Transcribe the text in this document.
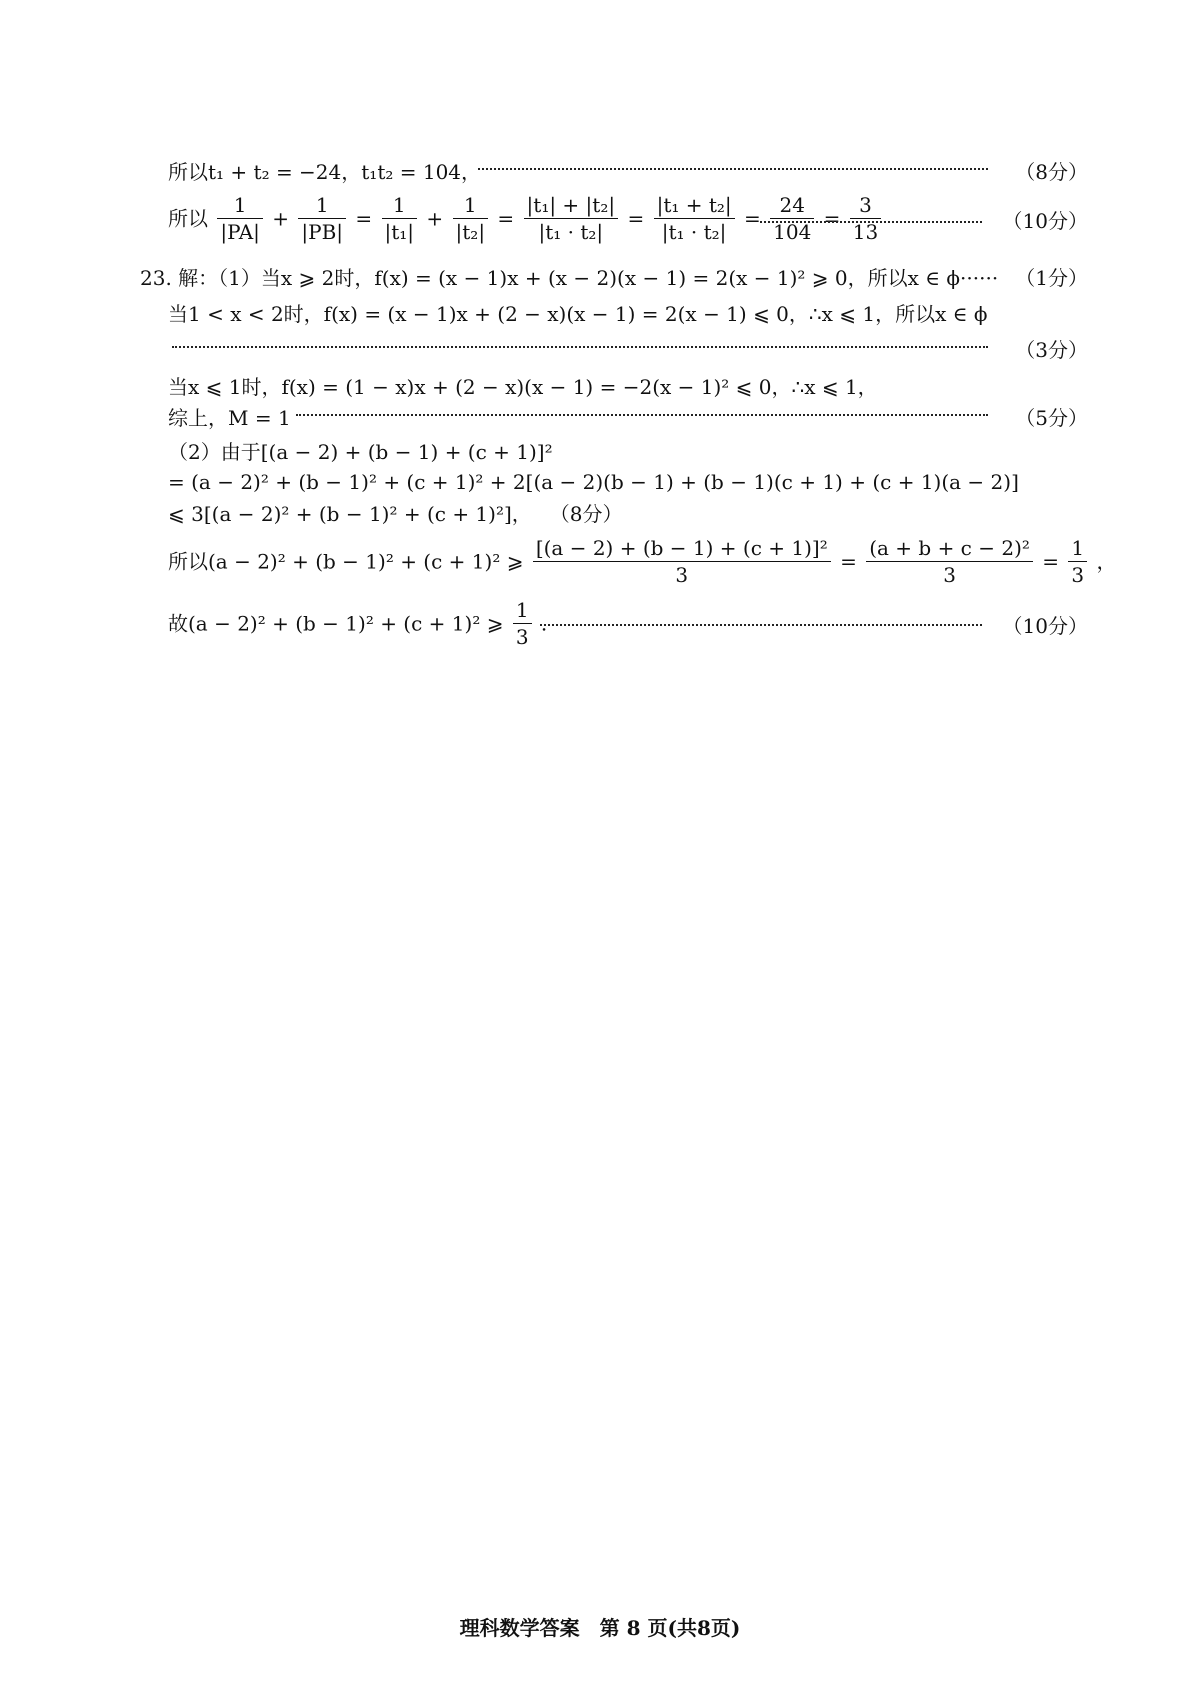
所以t₁ + t₂ = −24，t₁t₂ = 104，	（8分）
所以 $\frac{1}{|PA|} + \frac{1}{|PB|} = \frac{1}{\text{|t₁|}} + \frac{1}{\text{|t₂|}} = \frac{\text{|t₁| + |t₂|}}{\text{|t₁ · t₂|}} = \frac{\text{|t₁ + t₂|}}{\text{|t₁ · t₂|}} = \frac{24}{104} = \frac{3}{13}$	（10分）
23. 解：（1）当x ⩾ 2时，f(x) = (x − 1)x + (x − 2)(x − 1) = 2(x − 1)² ⩾ 0，所以x ∈ ϕ······ （1分）
当1 < x < 2时，f(x) = (x − 1)x + (2 − x)(x − 1) = 2(x − 1) ⩽ 0，∴x ⩽ 1，所以x ∈ ϕ
（3分）
当x ⩽ 1时，f(x) = (1 − x)x + (2 − x)(x − 1) = −2(x − 1)² ⩽ 0，∴x ⩽ 1，
综上，M = 1	（5分）
（2）由于[(a − 2) + (b − 1) + (c + 1)]²
= (a − 2)² + (b − 1)² + (c + 1)² + 2[(a − 2)(b − 1) + (b − 1)(c + 1) + (c + 1)(a − 2)]
⩽ 3[(a − 2)² + (b − 1)² + (c + 1)²]， （8分）
所以(a − 2)² + (b − 1)² + (c + 1)² ⩾ $\frac{\text{[(a − 2) + (b − 1) + (c + 1)]²}}{3} = \frac{\text{(a + b + c − 2)²}}{3} = \frac{1}{3}$ ，
故(a − 2)² + (b − 1)² + (c + 1)² ⩾ $\frac{1}{3}$ .	（10分）
理科数学答案　第 8 页(共8页)
